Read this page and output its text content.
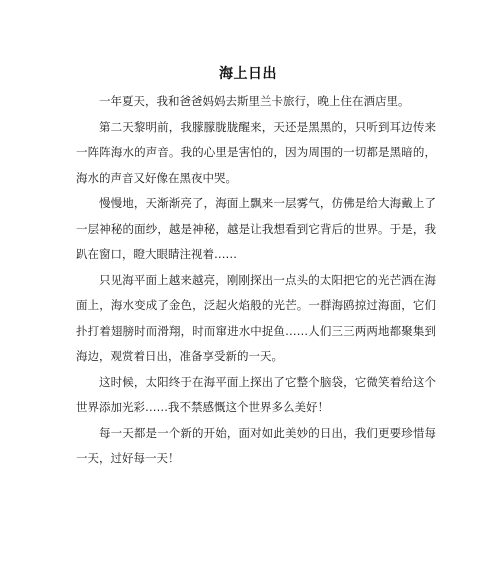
海上日出

一年夏天，我和爸爸妈妈去斯里兰卡旅行，晚上住在酒店里。

第二天黎明前，我朦朦胧胧醒来，天还是黑黑的，只听到耳边传来一阵阵海水的声音。我的心里是害怕的，因为周围的一切都是黑暗的，海水的声音又好像在黑夜中哭。

慢慢地，天渐渐亮了，海面上飘来一层雾气，仿佛是给大海戴上了一层神秘的面纱，越是神秘，越是让我想看到它背后的世界。于是，我趴在窗口，瞪大眼睛注视着……

只见海平面上越来越亮，刚刚探出一点头的太阳把它的光芒洒在海面上，海水变成了金色，泛起火焰般的光芒。一群海鸥掠过海面，它们扑打着翅膀时而滑翔，时而窜进水中捉鱼……人们三三两两地都聚集到海边，观赏着日出，准备享受新的一天。

这时候，太阳终于在海平面上探出了它整个脑袋，它微笑着给这个世界添加光彩……我不禁感慨这个世界多么美好！

每一天都是一个新的开始，面对如此美妙的日出，我们更要珍惜每一天，过好每一天！
